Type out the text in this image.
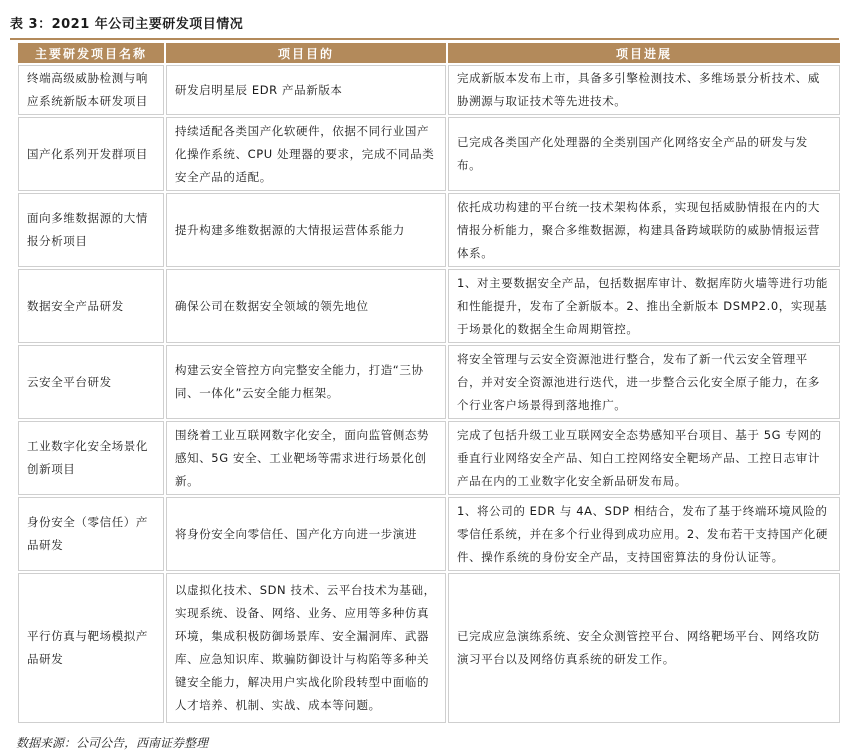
表 3：2021 年公司主要研发项目情况
主要研发项目名称	项目目的	项目进展
终端高级威胁检测与响应系统新版本研发项目	研发启明星辰 EDR 产品新版本	完成新版本发布上市，具备多引擎检测技术、多维场景分析技术、威胁溯源与取证技术等先进技术。
国产化系列开发群项目	持续适配各类国产化软硬件，依据不同行业国产化操作系统、CPU 处理器的要求，完成不同品类安全产品的适配。	已完成各类国产化处理器的全类别国产化网络安全产品的研发与发布。
面向多维数据源的大情报分析项目	提升构建多维数据源的大情报运营体系能力	依托成功构建的平台统一技术架构体系，实现包括威胁情报在内的大情报分析能力，聚合多维数据源，构建具备跨域联防的威胁情报运营体系。
数据安全产品研发	确保公司在数据安全领域的领先地位	1、对主要数据安全产品，包括数据库审计、数据库防火墙等进行功能和性能提升，发布了全新版本。2、推出全新版本 DSMP2.0，实现基于场景化的数据全生命周期管控。
云安全平台研发	构建云安全管控方向完整安全能力，打造“三协同、一体化”云安全能力框架。	将安全管理与云安全资源池进行整合，发布了新一代云安全管理平台，并对安全资源池进行迭代，进一步整合云化安全原子能力，在多个行业客户场景得到落地推广。
工业数字化安全场景化创新项目	围绕着工业互联网数字化安全，面向监管侧态势感知、5G 安全、工业靶场等需求进行场景化创新。	完成了包括升级工业互联网安全态势感知平台项目、基于 5G 专网的垂直行业网络安全产品、知白工控网络安全靶场产品、工控日志审计产品在内的工业数字化安全新品研发布局。
身份安全（零信任）产品研发	将身份安全向零信任、国产化方向进一步演进	1、将公司的 EDR 与 4A、SDP 相结合，发布了基于终端环境风险的零信任系统，并在多个行业得到成功应用。2、发布若干支持国产化硬件、操作系统的身份安全产品，支持国密算法的身份认证等。
平行仿真与靶场模拟产品研发	以虚拟化技术、SDN 技术、云平台技术为基础，实现系统、设备、网络、业务、应用等多种仿真环境，集成积极防御场景库、安全漏洞库、武器库、应急知识库、欺骗防御设计与构陷等多种关键安全能力，解决用户实战化阶段转型中面临的人才培养、机制、实战、成本等问题。	已完成应急演练系统、安全众测管控平台、网络靶场平台、网络攻防演习平台以及网络仿真系统的研发工作。
数据来源：公司公告，西南证券整理
